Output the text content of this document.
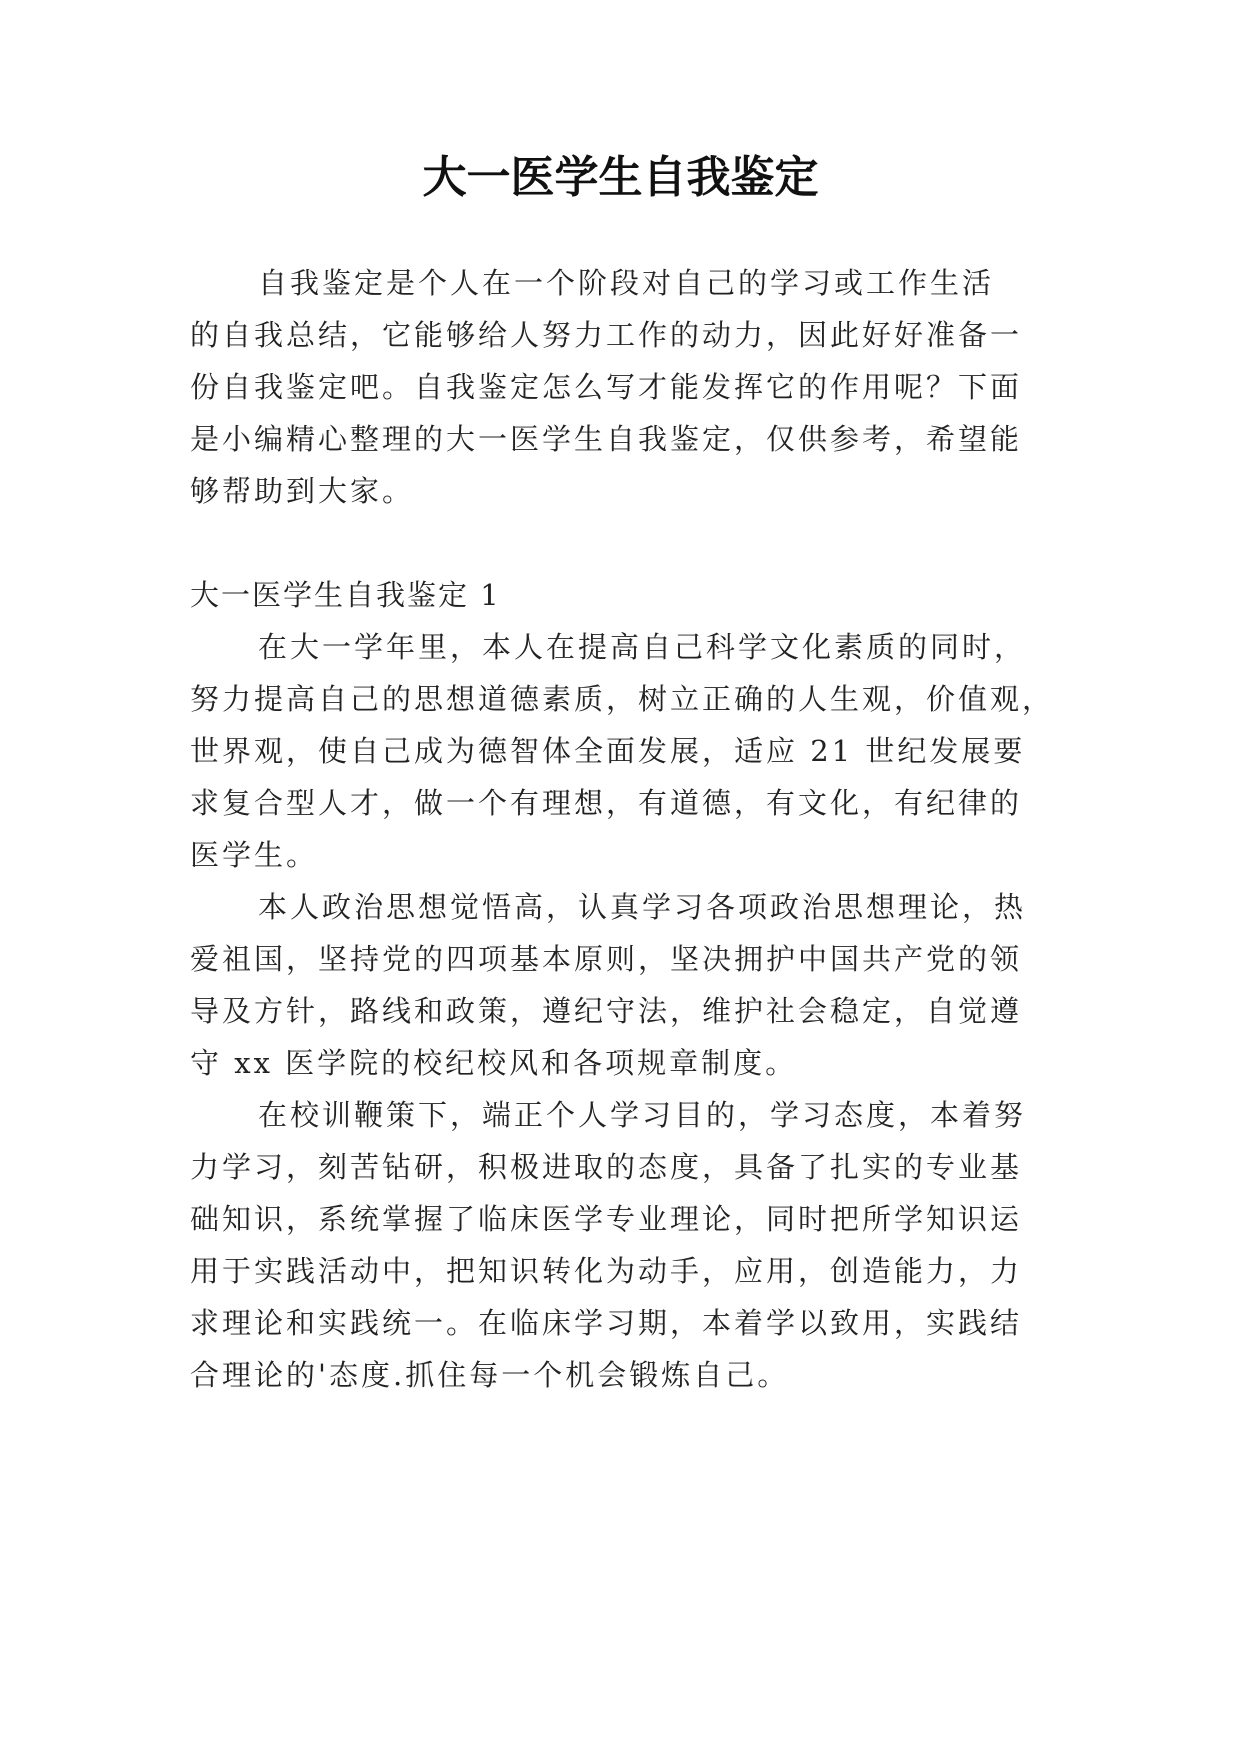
大一医学生自我鉴定
自我鉴定是个人在一个阶段对自己的学习或工作生活
的自我总结，它能够给人努力工作的动力，因此好好准备一
份自我鉴定吧。自我鉴定怎么写才能发挥它的作用呢？下面
是小编精心整理的大一医学生自我鉴定，仅供参考，希望能
够帮助到大家。
大一医学生自我鉴定 1
在大一学年里，本人在提高自己科学文化素质的同时，
努力提高自己的思想道德素质，树立正确的人生观，价值观，
世界观，使自己成为德智体全面发展，适应 21 世纪发展要
求复合型人才，做一个有理想，有道德，有文化，有纪律的
医学生。
本人政治思想觉悟高，认真学习各项政治思想理论，热
爱祖国，坚持党的四项基本原则，坚决拥护中国共产党的领
导及方针，路线和政策，遵纪守法，维护社会稳定，自觉遵
守 xx 医学院的校纪校风和各项规章制度。
在校训鞭策下，端正个人学习目的，学习态度，本着努
力学习，刻苦钻研，积极进取的态度，具备了扎实的专业基
础知识，系统掌握了临床医学专业理论，同时把所学知识运
用于实践活动中，把知识转化为动手，应用，创造能力，力
求理论和实践统一。在临床学习期，本着学以致用，实践结
合理论的'态度.抓住每一个机会锻炼自己。
